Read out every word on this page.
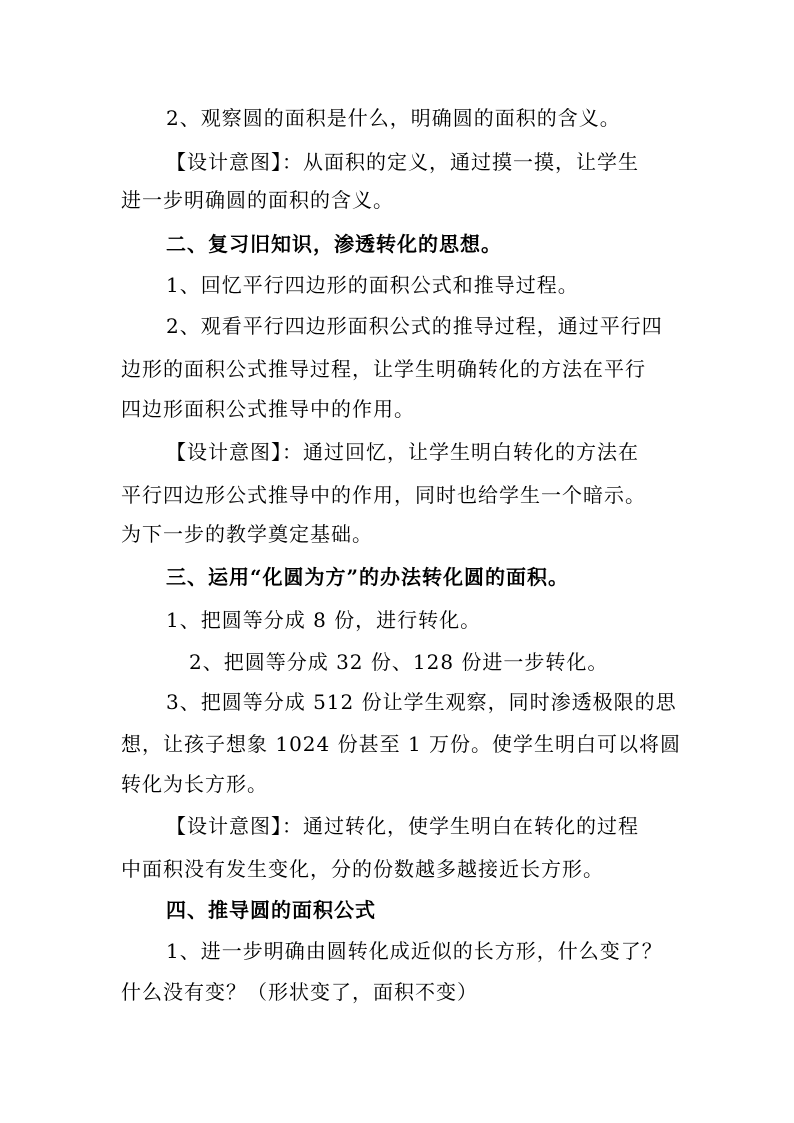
2、观察圆的面积是什么，明确圆的面积的含义。
【设计意图】：从面积的定义，通过摸一摸，让学生
进一步明确圆的面积的含义。
二、复习旧知识，渗透转化的思想。
1、回忆平行四边形的面积公式和推导过程。
2、观看平行四边形面积公式的推导过程，通过平行四
边形的面积公式推导过程，让学生明确转化的方法在平行
四边形面积公式推导中的作用。
【设计意图】：通过回忆，让学生明白转化的方法在
平行四边形公式推导中的作用，同时也给学生一个暗示。
为下一步的教学奠定基础。
三、运用“化圆为方”的办法转化圆的面积。
1、把圆等分成 8 份，进行转化。
2、把圆等分成 32 份、128 份进一步转化。
3、把圆等分成 512 份让学生观察，同时渗透极限的思
想，让孩子想象 1024 份甚至 1 万份。使学生明白可以将圆
转化为长方形。
【设计意图】：通过转化，使学生明白在转化的过程
中面积没有发生变化，分的份数越多越接近长方形。
四、推导圆的面积公式
1、进一步明确由圆转化成近似的长方形，什么变了？
什么没有变？（形状变了，面积不变）
